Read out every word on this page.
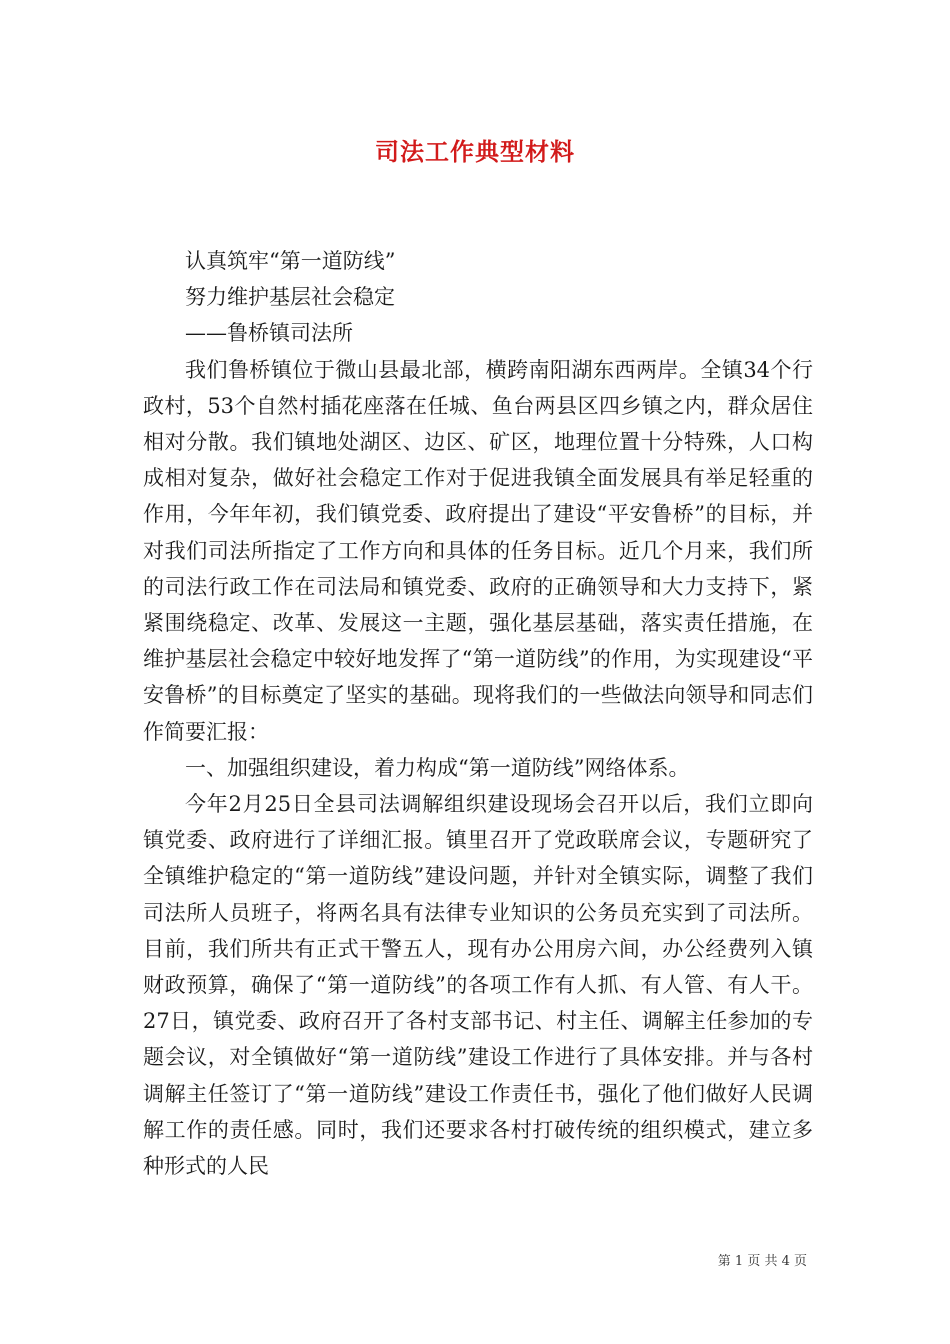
司法工作典型材料

认真筑牢“第一道防线”

努力维护基层社会稳定

——鲁桥镇司法所

我们鲁桥镇位于微山县最北部，横跨南阳湖东西两岸。全镇34个行政村，53个自然村插花座落在任城、鱼台两县区四乡镇之内，群众居住相对分散。我们镇地处湖区、边区、矿区，地理位置十分特殊，人口构成相对复杂，做好社会稳定工作对于促进我镇全面发展具有举足轻重的作用，今年年初，我们镇党委、政府提出了建设“平安鲁桥”的目标，并对我们司法所指定了工作方向和具体的任务目标。近几个月来，我们所的司法行政工作在司法局和镇党委、政府的正确领导和大力支持下，紧紧围绕稳定、改革、发展这一主题，强化基层基础，落实责任措施，在维护基层社会稳定中较好地发挥了“第一道防线”的作用，为实现建设“平安鲁桥”的目标奠定了坚实的基础。现将我们的一些做法向领导和同志们作简要汇报：

一、加强组织建设，着力构成“第一道防线”网络体系。

今年2月25日全县司法调解组织建设现场会召开以后，我们立即向镇党委、政府进行了详细汇报。镇里召开了党政联席会议，专题研究了全镇维护稳定的“第一道防线”建设问题，并针对全镇实际，调整了我们司法所人员班子，将两名具有法律专业知识的公务员充实到了司法所。目前，我们所共有正式干警五人，现有办公用房六间，办公经费列入镇财政预算，确保了“第一道防线”的各项工作有人抓、有人管、有人干。27日，镇党委、政府召开了各村支部书记、村主任、调解主任参加的专题会议，对全镇做好“第一道防线”建设工作进行了具体安排。并与各村调解主任签订了“第一道防线”建设工作责任书，强化了他们做好人民调解工作的责任感。同时，我们还要求各村打破传统的组织模式，建立多种形式的人民

第 1 页 共 4 页
